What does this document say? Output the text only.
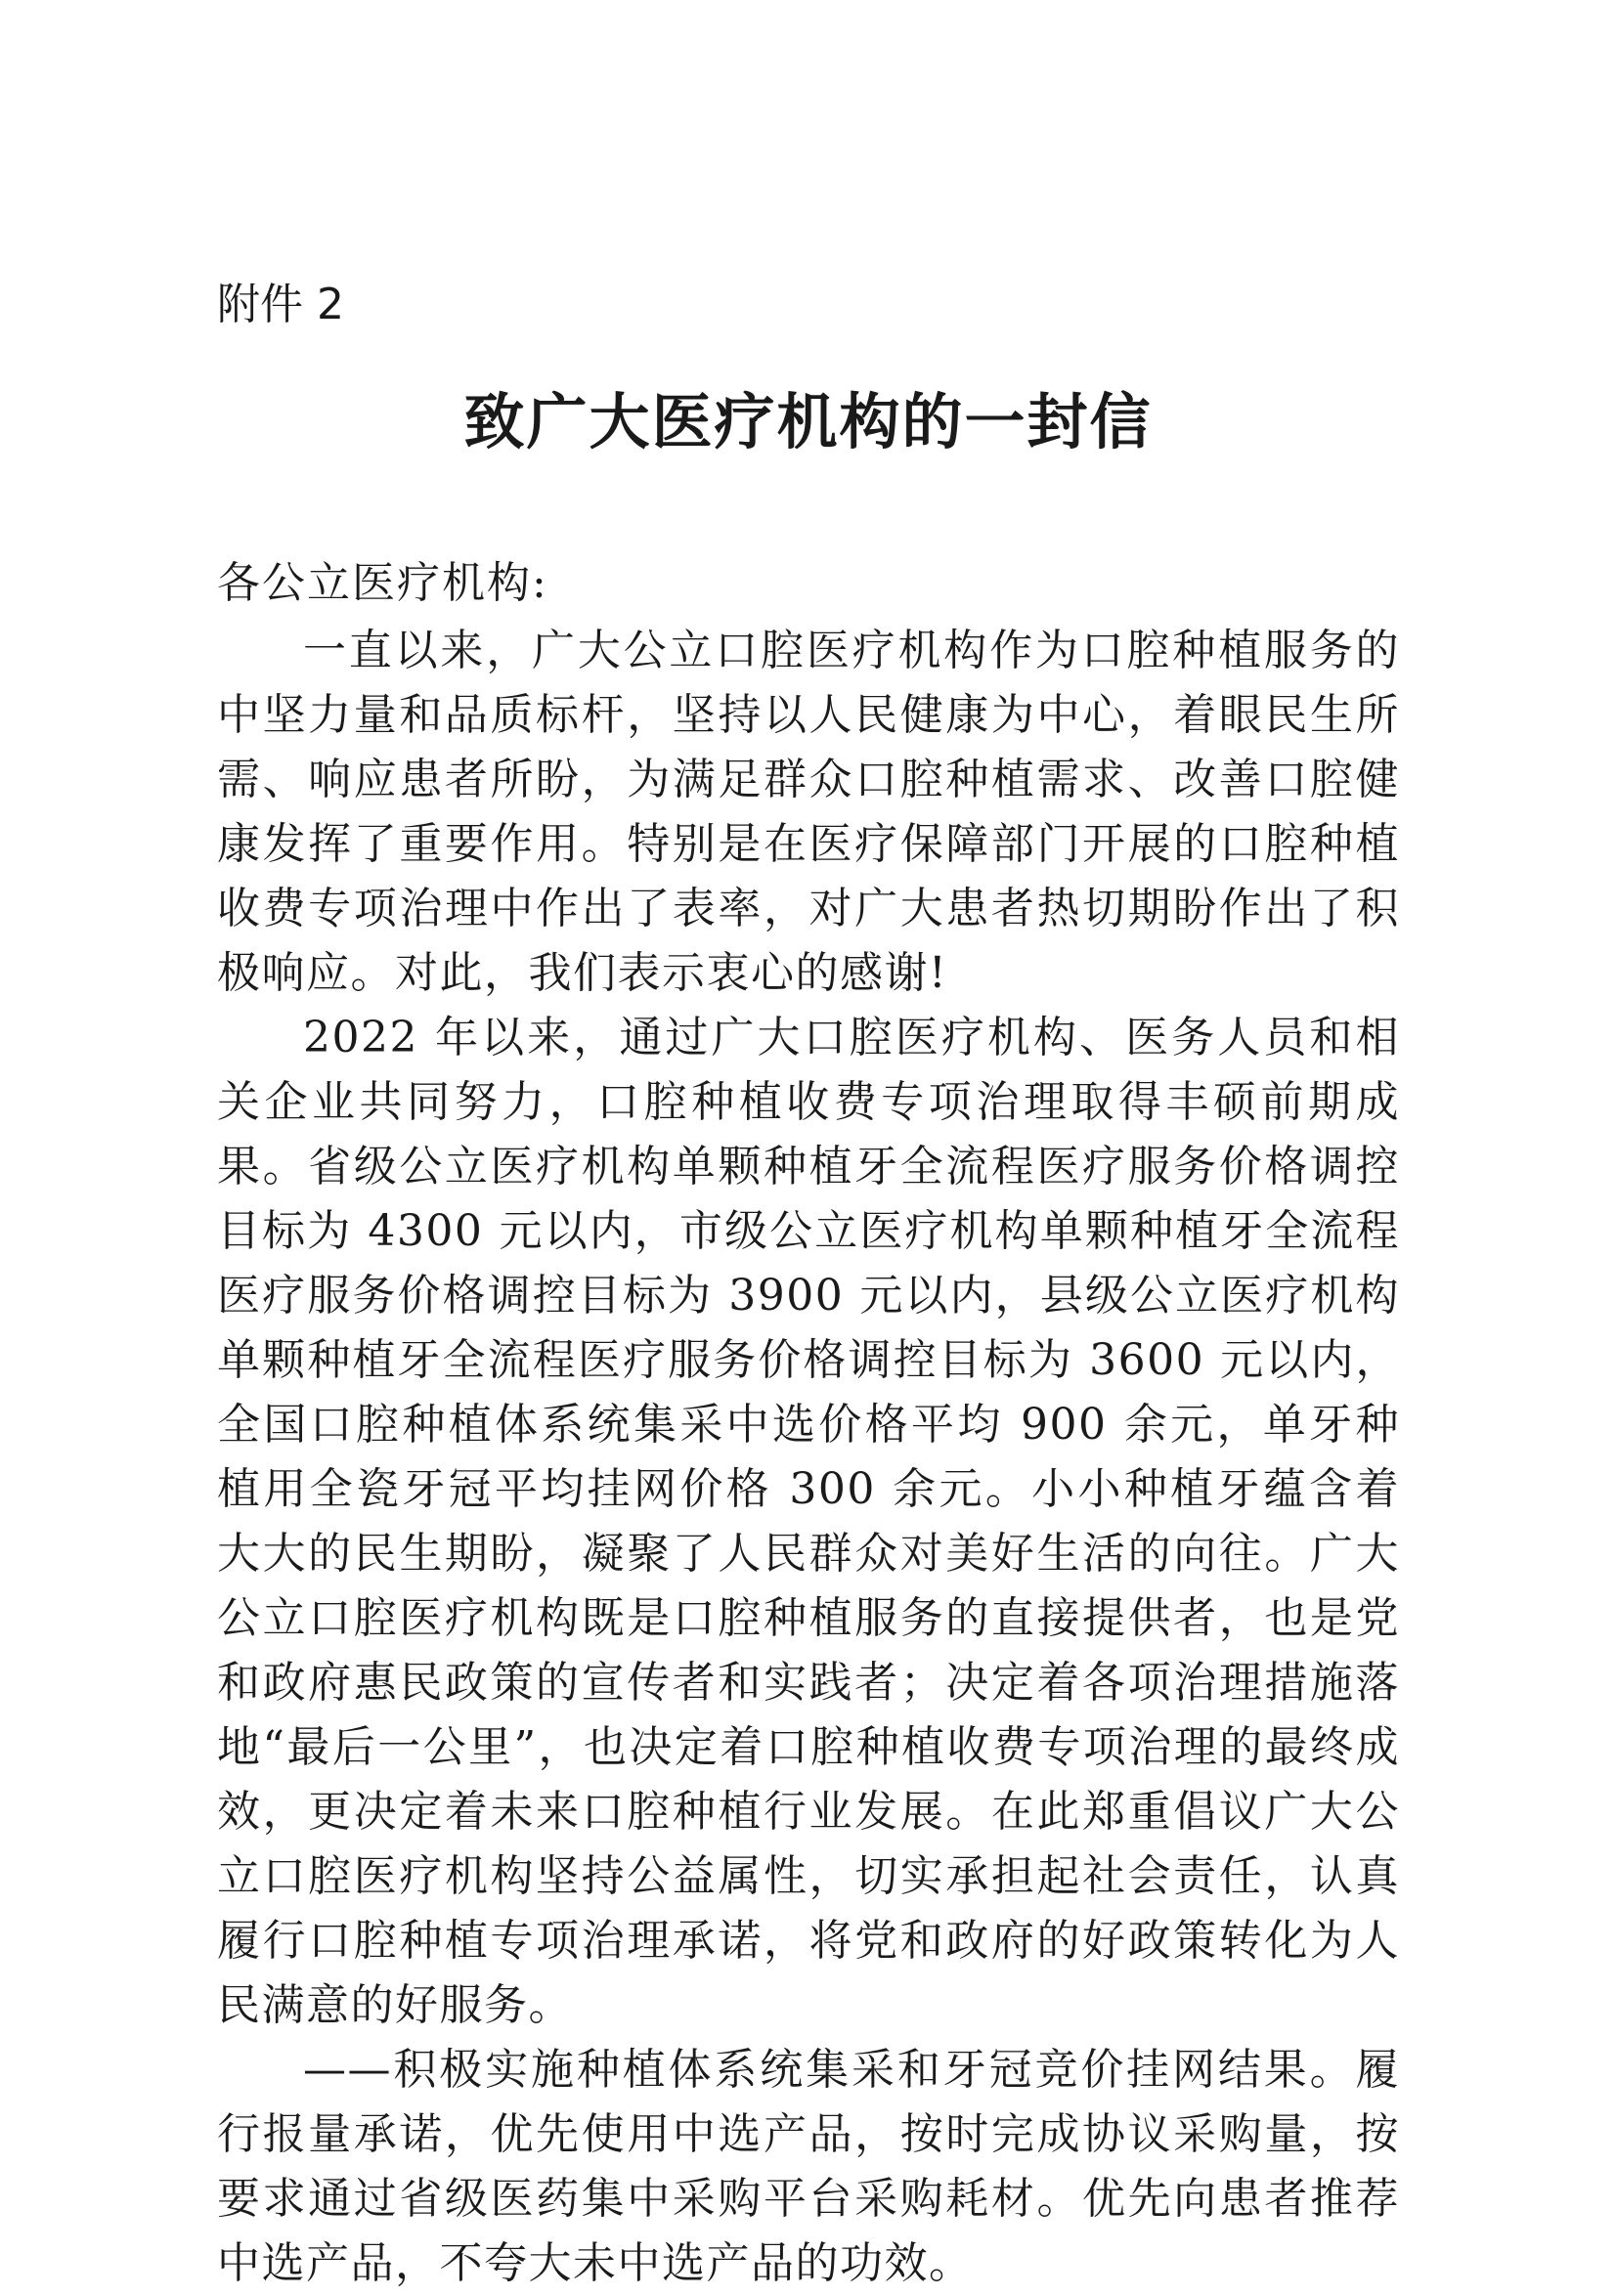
附件 2
致广大医疗机构的一封信
各公立医疗机构:

一直以来，广大公立口腔医疗机构作为口腔种植服务的中坚力量和品质标杆，坚持以人民健康为中心，着眼民生所需、响应患者所盼，为满足群众口腔种植需求、改善口腔健康发挥了重要作用。特别是在医疗保障部门开展的口腔种植收费专项治理中作出了表率，对广大患者热切期盼作出了积极响应。对此，我们表示衷心的感谢!

2022 年以来，通过广大口腔医疗机构、医务人员和相关企业共同努力，口腔种植收费专项治理取得丰硕前期成果。省级公立医疗机构单颗种植牙全流程医疗服务价格调控目标为 4300 元以内，市级公立医疗机构单颗种植牙全流程医疗服务价格调控目标为 3900 元以内，县级公立医疗机构单颗种植牙全流程医疗服务价格调控目标为 3600 元以内，全国口腔种植体系统集采中选价格平均 900 余元，单牙种植用全瓷牙冠平均挂网价格 300 余元。小小种植牙蕴含着大大的民生期盼，凝聚了人民群众对美好生活的向往。广大公立口腔医疗机构既是口腔种植服务的直接提供者，也是党和政府惠民政策的宣传者和实践者；决定着各项治理措施落地“最后一公里”，也决定着口腔种植收费专项治理的最终成效，更决定着未来口腔种植行业发展。在此郑重倡议广大公立口腔医疗机构坚持公益属性，切实承担起社会责任，认真履行口腔种植专项治理承诺，将党和政府的好政策转化为人民满意的好服务。

——积极实施种植体系统集采和牙冠竞价挂网结果。履行报量承诺，优先使用中选产品，按时完成协议采购量，按要求通过省级医药集中采购平台采购耗材。优先向患者推荐中选产品，不夸大未中选产品的功效。
